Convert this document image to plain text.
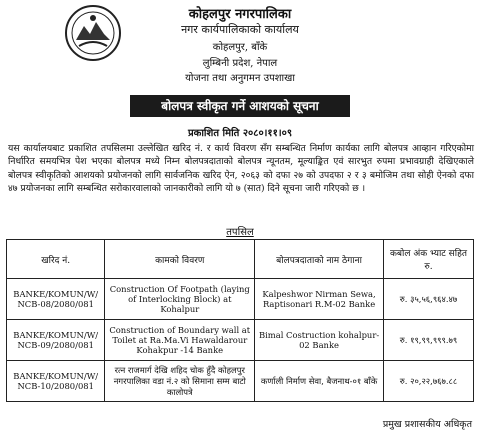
कोहलपुर नगरपालिका
नगर कार्यपालिकाको कार्यालय
कोहलपुर, बाँके
लुम्बिनी प्रदेश, नेपाल
योजना तथा अनुगमन उपशाखा
बोलपत्र स्वीकृत गर्ने आशयको सूचना
प्रकाशित मिति २०८०।११।०९
यस कार्यालयबाट प्रकाशित तपसिलमा उल्लेखित खरिद नं. र कार्य विवरण सँग सम्बन्धित निर्माण कार्यका लागि बोलपत्र आव्हान गरिएकोमा निर्धारित समयभित्र पेश भएका बोलपत्र मध्ये निम्न बोलपत्रदाताको बोलपत्र न्यूनतम, मूल्याङ्कित एवं सारभुत रुपमा प्रभावग्राही देखिएकाले बोलपत्र स्वीकृतिको आशयको प्रयोजनको लागि सार्वजनिक खरिद ऐन, २०६३ को दफा २७ को उपदफा २ र ३ बमोजिम तथा सोही ऐनको दफा ४७ प्रयोजनका लागि सम्बन्धित सरोकारवालाको जानकारीको लागि यो ७ (सात) दिने सूचना जारी गरिएको छ ।
तपसिल
खरिद नं.	कामको विवरण	बोलपत्रदाताको नाम ठेगाना	कबोल अंक भ्याट सहित रु.
BANKE/KOMUN/W/ NCB-08/2080/081	Construction Of Footpath (laying of Interlocking Block) at Kohalpur	Kalpeshwor Nirman Sewa, Raptisonari R.M-02 Banke	रु. ३५,५६,९६४.४७
BANKE/KOMUN/W/ NCB-09/2080/081	Construction of Boundary wall at Toilet at Ra.Ma.Vi Hawaldarour Kohakpur -14 Banke	Bimal Costruction kohalpur-02 Banke	रु. १९,९९,९९९.७९
BANKE/KOMUN/W/ NCB-10/2080/081	रत्न राजमार्ग देखि शहिद चोक हुँदै कोहलपुर नगरपालिका वडा नं.२ को सिमाना सम्म बाटो कालोपत्रे	कर्णाली निर्माण सेवा, बैजनाथ-०१ बाँके	रु. २०,२२,७६७.८८
प्रमुख प्रशासकीय अधिकृत
